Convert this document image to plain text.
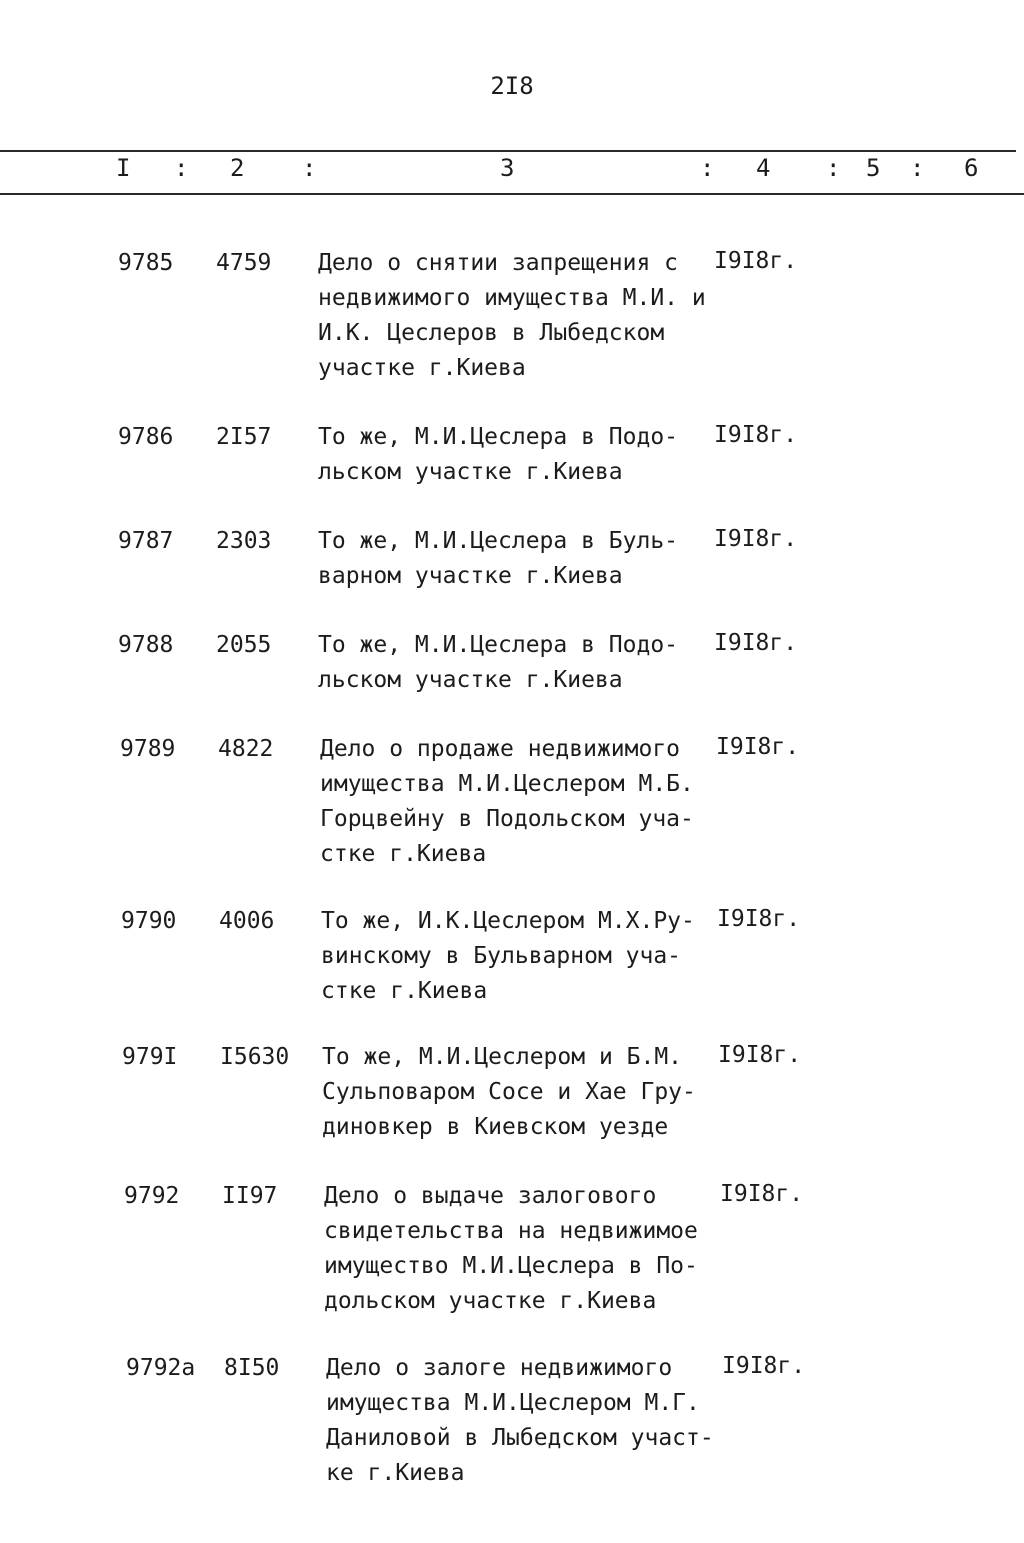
2I8
I : 2 :	3	: 4 : 5 : 6
9785 4759 Дело о снятии запрещения с
недвижимого имущества М.И. и
И.К. Цеслеров в Лыбедском
участке г.Киева
I9I8г.
9786 2I57 То же, М.И.Цеслера в Подо-
льском участке г.Киева
I9I8г.
9787 2303 То же, М.И.Цеслера в Буль-
варном участке г.Киева
I9I8г.
9788 2055 То же, М.И.Цеслера в Подо-
льском участке г.Киева
I9I8г.
9789 4822 Дело о продаже недвижимого
имущества М.И.Цеслером М.Б.
Горцвейну в Подольском уча-
стке г.Киева
I9I8г.
9790 4006 То же, И.К.Цеслером М.Х.Ру-
винскому в Бульварном уча-
стке г.Киева
I9I8г.
979I I5630 То же, М.И.Цеслером и Б.М.
Сульповаром Сосе и Хае Гру-
диновкер в Киевском уезде
I9I8г.
9792 II97 Дело о выдаче залогового
свидетельства на недвижимое
имущество М.И.Цеслера в По-
дольском участке г.Киева
I9I8г.
9792а 8I50 Дело о залоге недвижимого
имущества М.И.Цеслером М.Г.
Даниловой в Лыбедском участ-
ке г.Киева
I9I8г.
